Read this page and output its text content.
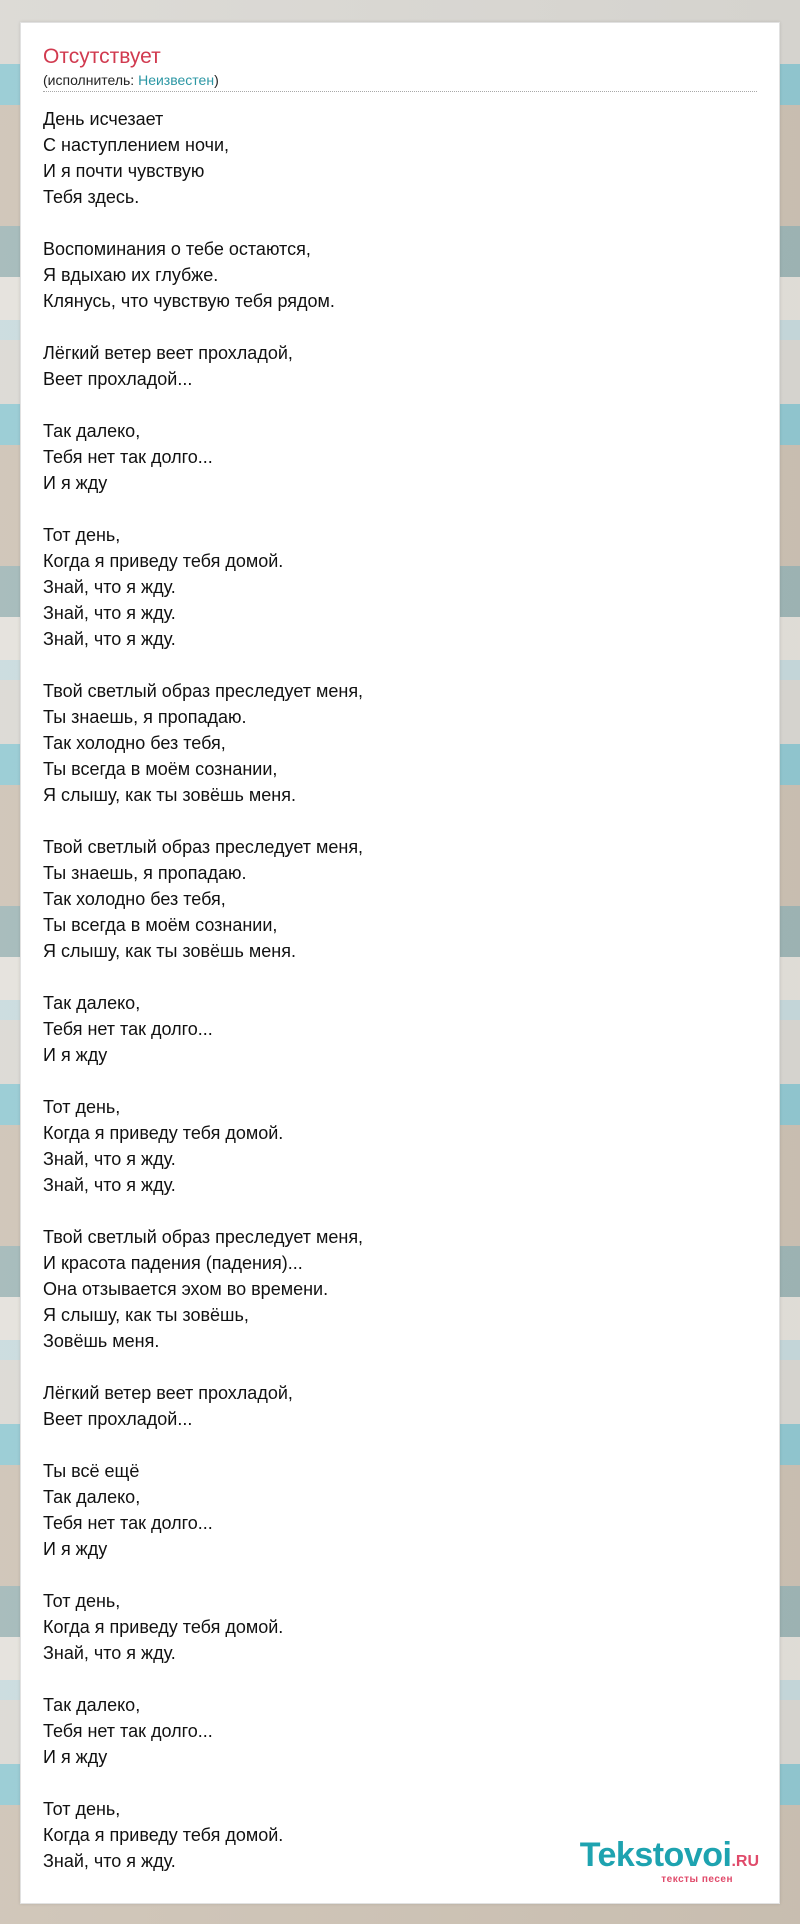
Отсутствует
(исполнитель: Неизвестен)
День исчезает
С наступлением ночи,
И я почти чувствую
Тебя здесь.
Воспоминания о тебе остаются,
Я вдыхаю их глубже.
Клянусь, что чувствую тебя рядом.
Лёгкий ветер веет прохладой,
Веет прохладой...
Так далеко,
Тебя нет так долго...
И я жду
Тот день,
Когда я приведу тебя домой.
Знай, что я жду.
Знай, что я жду.
Знай, что я жду.
Твой светлый образ преследует меня,
Ты знаешь, я пропадаю.
Так холодно без тебя,
Ты всегда в моём сознании,
Я слышу, как ты зовёшь меня.
Твой светлый образ преследует меня,
Ты знаешь, я пропадаю.
Так холодно без тебя,
Ты всегда в моём сознании,
Я слышу, как ты зовёшь меня.
Так далеко,
Тебя нет так долго...
И я жду
Тот день,
Когда я приведу тебя домой.
Знай, что я жду.
Знай, что я жду.
Твой светлый образ преследует меня,
И красота падения (падения)...
Она отзывается эхом во времени.
Я слышу, как ты зовёшь,
Зовёшь меня.
Лёгкий ветер веет прохладой,
Веет прохладой...
Ты всё ещё
Так далеко,
Тебя нет так долго...
И я жду
Тот день,
Когда я приведу тебя домой.
Знай, что я жду.
Так далеко,
Тебя нет так долго...
И я жду
Тот день,
Когда я приведу тебя домой.
Знай, что я жду.	Tekstovoi.RU
тексты песен
